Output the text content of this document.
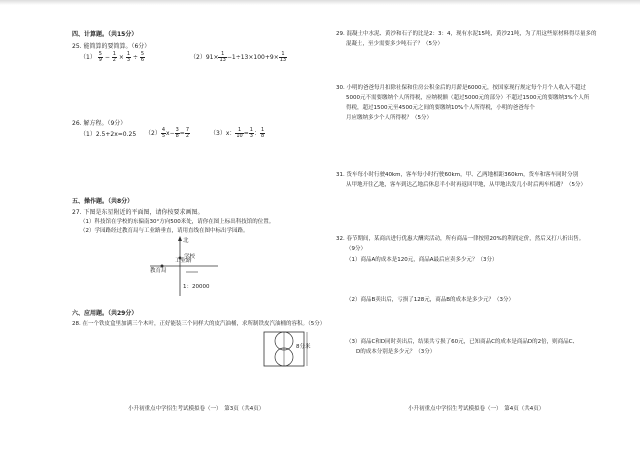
四、计算题。（共15分）
25. 能简算的要简算。（6分）
$(1) \frac{5}{9} - \frac{1}{2} \times \frac{1}{3} \div \frac{5}{6}$	$(2)91\times \frac{1}{13} -1\div 13\times 100+9\times \frac{1}{13}$
26. 解方程。（9分）
（1）2.5+2x=0.25 $(2) \frac{4}{5} x- \frac{3}{8} = \frac{7}{2}$	（3）x： $\frac{1}{10} = \frac{1}{3}$ ： $\frac{1}{8}$
五、操作题。（共8分）
27. 下图是东星附近的平面图，请你按要求画图。
（1）科技馆在学校的东偏南30°方向500米处，请你在图上标出科技馆的位置。
（2）学园路经过教育局与工业路垂直，请用直线在图中标出学园路。
北
学校
教育局
工业路
1：20000
六、应用题。（共29分）
28. 在一个铁皮盒里加满三个木叶，正好能装三个同样大的皮汽油桶，求所制铁皮汽油桶的容积。（5分）
8分米
小升初重点中学招生考试模拟卷（一）　第3页（共4页）
29. 混凝土中水泥、黄沙和石子的比是2：3：4，现有水泥15吨，黄沙21吨，为了用这些原材料得尽量多的
混凝土，至少需要多少吨石子？（5分）
30. 小明的爸爸每月扣除社保和住房公积金后的月薪是6000元，按国家现行规定每个月个人收入不超过
5000元不需要缴纳个人所得税，应纳税额（超过5000元的部分）不超过1500元的要缴纳3%个人所
得税，超过1500元至4500元之间的要缴纳10%个人所得税，小明的爸爸每个
月应缴纳多少个人所得税？（5分）
31. 货车每小时行驶40km，客车每小时行驶60km，甲、乙两地相距360km，货车和客车同时分别
从甲地开往乙地，客车到达乙地后休息半小时再返回甲地，从甲地出发几小时后两车相遇？（5分）
32. 春节期间，某商店进行优惠大酬宾活动，所有商品一律按照20%的利润定价，然后又打八折出售。
（9分）
（1）商品A的成本是120元，商品A最后应卖多少元？（3分）
（2）商品B卖出后，亏损了128元，商品B的成本是多少元？（3分）
（3）商品C和D同时卖出后，结果共亏损了60元，已知商品C的成本是商品D的2倍，则商品C、
D的成本分别是多少元？（3分）
小升初重点中学招生考试模拟卷（一）　第4页（共4页）
